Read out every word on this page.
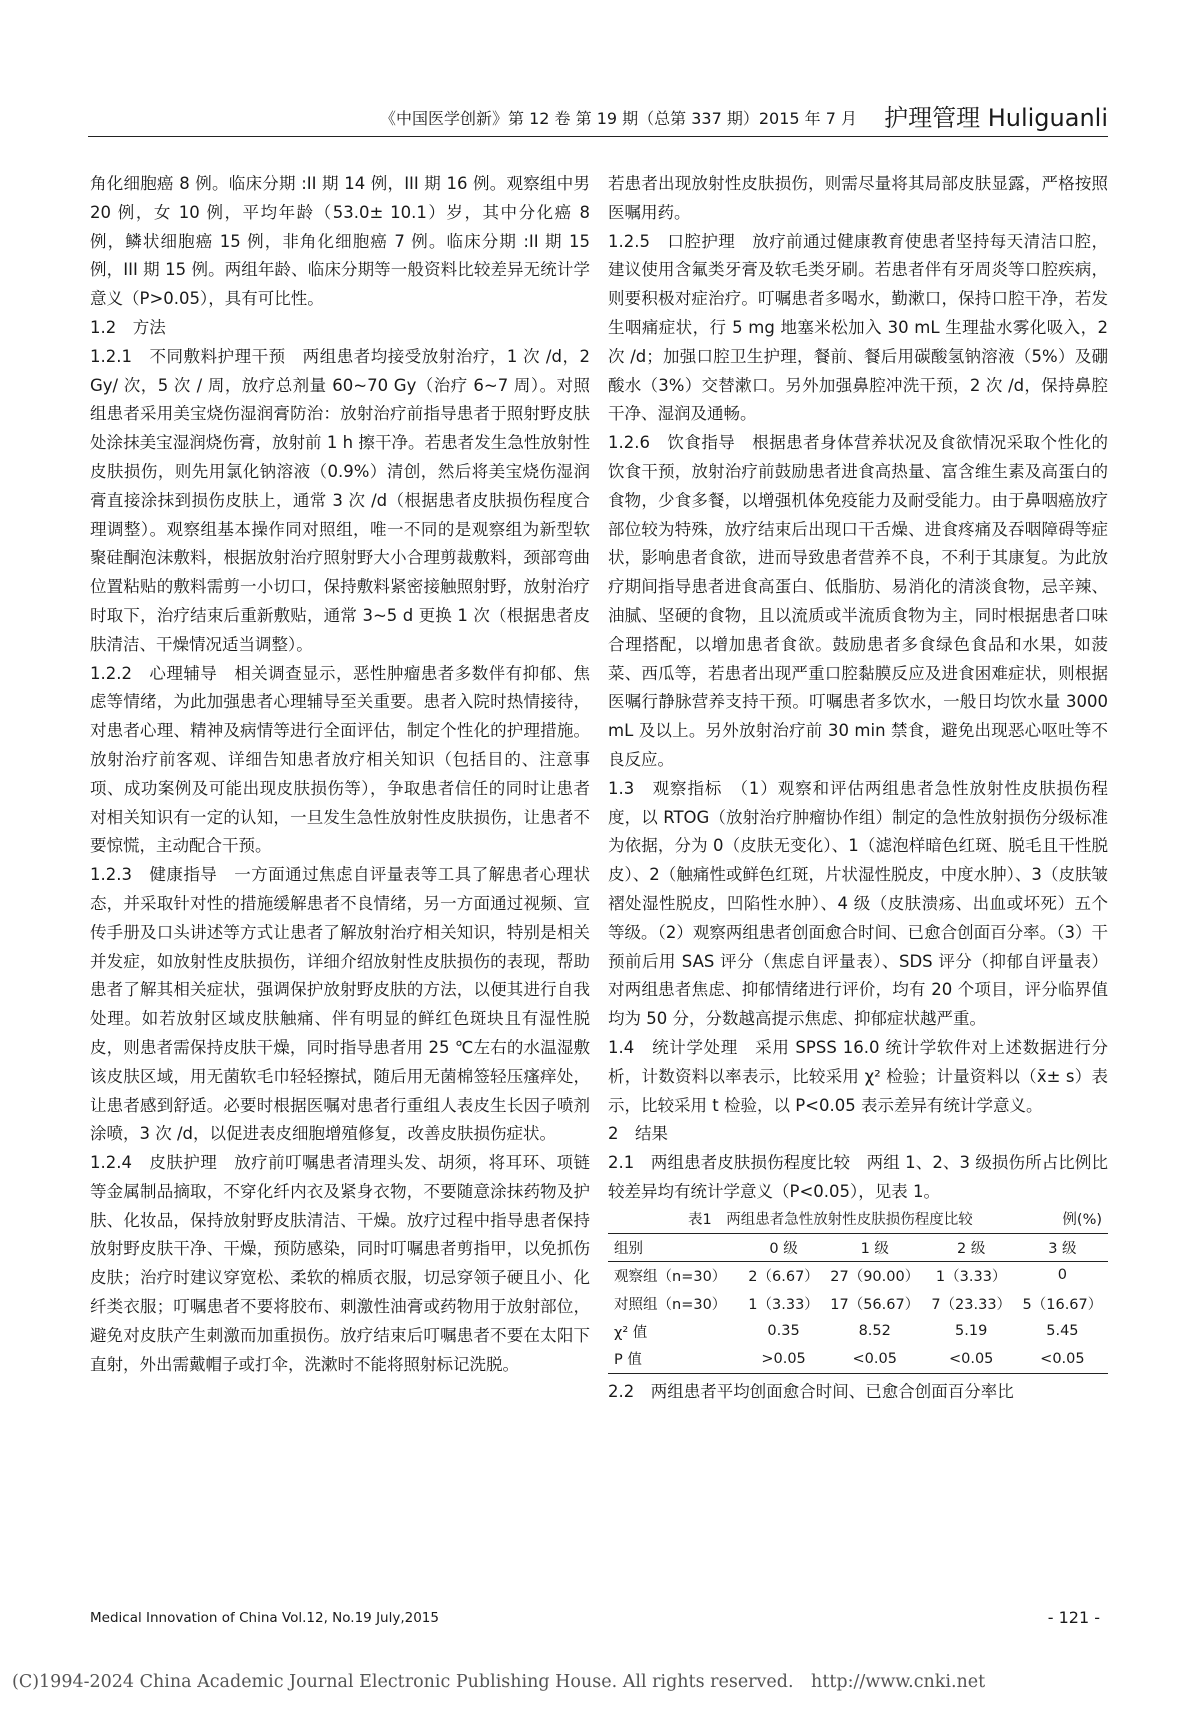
《中国医学创新》第 12 卷 第 19 期（总第 337 期）2015 年 7 月 护理管理 Huliguanli

角化细胞癌 8 例。临床分期 :II 期 14 例，III 期 16 例。观察组中男 20 例，女 10 例，平均年龄（53.0± 10.1）岁，其中分化癌 8 例，鳞状细胞癌 15 例，非角化细胞癌 7 例。临床分期 :II 期 15 例，III 期 15 例。两组年龄、临床分期等一般资料比较差异无统计学意义（P>0.05），具有可比性。

1.2　方法

1.2.1　不同敷料护理干预　两组患者均接受放射治疗，1 次 /d，2 Gy/ 次，5 次 / 周，放疗总剂量 60~70 Gy（治疗 6~7 周）。对照组患者采用美宝烧伤湿润膏防治：放射治疗前指导患者于照射野皮肤处涂抹美宝湿润烧伤膏，放射前 1 h 擦干净。若患者发生急性放射性皮肤损伤，则先用氯化钠溶液（0.9%）清创，然后将美宝烧伤湿润膏直接涂抹到损伤皮肤上，通常 3 次 /d（根据患者皮肤损伤程度合理调整）。观察组基本操作同对照组，唯一不同的是观察组为新型软聚硅酮泡沫敷料，根据放射治疗照射野大小合理剪裁敷料，颈部弯曲位置粘贴的敷料需剪一小切口，保持敷料紧密接触照射野，放射治疗时取下，治疗结束后重新敷贴，通常 3~5 d 更换 1 次（根据患者皮肤清洁、干燥情况适当调整）。

1.2.2　心理辅导　相关调查显示，恶性肿瘤患者多数伴有抑郁、焦虑等情绪，为此加强患者心理辅导至关重要。患者入院时热情接待，对患者心理、精神及病情等进行全面评估，制定个性化的护理措施。放射治疗前客观、详细告知患者放疗相关知识（包括目的、注意事项、成功案例及可能出现皮肤损伤等），争取患者信任的同时让患者对相关知识有一定的认知，一旦发生急性放射性皮肤损伤，让患者不要惊慌，主动配合干预。

1.2.3　健康指导　一方面通过焦虑自评量表等工具了解患者心理状态，并采取针对性的措施缓解患者不良情绪，另一方面通过视频、宣传手册及口头讲述等方式让患者了解放射治疗相关知识，特别是相关并发症，如放射性皮肤损伤，详细介绍放射性皮肤损伤的表现，帮助患者了解其相关症状，强调保护放射野皮肤的方法，以便其进行自我处理。如若放射区域皮肤触痛、伴有明显的鲜红色斑块且有湿性脱皮，则患者需保持皮肤干燥，同时指导患者用 25 ℃左右的水温湿敷该皮肤区域，用无菌软毛巾轻轻擦拭，随后用无菌棉签轻压瘙痒处，让患者感到舒适。必要时根据医嘱对患者行重组人表皮生长因子喷剂涂喷，3 次 /d，以促进表皮细胞增殖修复，改善皮肤损伤症状。

1.2.4　皮肤护理　放疗前叮嘱患者清理头发、胡须，将耳环、项链等金属制品摘取，不穿化纤内衣及紧身衣物，不要随意涂抹药物及护肤、化妆品，保持放射野皮肤清洁、干燥。放疗过程中指导患者保持放射野皮肤干净、干燥，预防感染，同时叮嘱患者剪指甲，以免抓伤皮肤；治疗时建议穿宽松、柔软的棉质衣服，切忌穿领子硬且小、化纤类衣服；叮嘱患者不要将胶布、刺激性油膏或药物用于放射部位，避免对皮肤产生刺激而加重损伤。放疗结束后叮嘱患者不要在太阳下直射，外出需戴帽子或打伞，洗漱时不能将照射标记洗脱。

若患者出现放射性皮肤损伤，则需尽量将其局部皮肤显露，严格按照医嘱用药。

1.2.5　口腔护理　放疗前通过健康教育使患者坚持每天清洁口腔，建议使用含氟类牙膏及软毛类牙刷。若患者伴有牙周炎等口腔疾病，则要积极对症治疗。叮嘱患者多喝水，勤漱口，保持口腔干净，若发生咽痛症状，行 5 mg 地塞米松加入 30 mL 生理盐水雾化吸入，2 次 /d；加强口腔卫生护理，餐前、餐后用碳酸氢钠溶液（5%）及硼酸水（3%）交替漱口。另外加强鼻腔冲洗干预，2 次 /d，保持鼻腔干净、湿润及通畅。

1.2.6　饮食指导　根据患者身体营养状况及食欲情况采取个性化的饮食干预，放射治疗前鼓励患者进食高热量、富含维生素及高蛋白的食物，少食多餐，以增强机体免疫能力及耐受能力。由于鼻咽癌放疗部位较为特殊，放疗结束后出现口干舌燥、进食疼痛及吞咽障碍等症状，影响患者食欲，进而导致患者营养不良，不利于其康复。为此放疗期间指导患者进食高蛋白、低脂肪、易消化的清淡食物，忌辛辣、油腻、坚硬的食物，且以流质或半流质食物为主，同时根据患者口味合理搭配，以增加患者食欲。鼓励患者多食绿色食品和水果，如菠菜、西瓜等，若患者出现严重口腔黏膜反应及进食困难症状，则根据医嘱行静脉营养支持干预。叮嘱患者多饮水，一般日均饮水量 3000 mL 及以上。另外放射治疗前 30 min 禁食，避免出现恶心呕吐等不良反应。

1.3　观察指标　（1）观察和评估两组患者急性放射性皮肤损伤程度，以 RTOG（放射治疗肿瘤协作组）制定的急性放射损伤分级标准为依据，分为 0（皮肤无变化）、1（滤泡样暗色红斑、脱毛且干性脱皮）、2（触痛性或鲜色红斑，片状湿性脱皮，中度水肿）、3（皮肤皱褶处湿性脱皮，凹陷性水肿）、4 级（皮肤溃疡、出血或坏死）五个等级。（2）观察两组患者创面愈合时间、已愈合创面百分率。（3）干预前后用 SAS 评分（焦虑自评量表）、SDS 评分（抑郁自评量表）对两组患者焦虑、抑郁情绪进行评价，均有 20 个项目，评分临界值均为 50 分，分数越高提示焦虑、抑郁症状越严重。

1.4　统计学处理　采用 SPSS 16.0 统计学软件对上述数据进行分析，计数资料以率表示，比较采用 χ² 检验；计量资料以（x̄± s）表示，比较采用 t 检验，以 P<0.05 表示差异有统计学意义。

2　结果

2.1　两组患者皮肤损伤程度比较　两组 1、2、3 级损伤所占比例比较差异均有统计学意义（P<0.05），见表 1。

表1　两组患者急性放射性皮肤损伤程度比较	例(%)
组别	0 级	1 级	2 级	3 级
观察组（n=30）	2（6.67）	27（90.00）	1（3.33）	0
对照组（n=30）	1（3.33）	17（56.67）	7（23.33）	5（16.67）
χ² 值	0.35	8.52	5.19	5.45
P 值	>0.05	<0.05	<0.05	<0.05

2.2　两组患者平均创面愈合时间、已愈合创面百分率比

Medical Innovation of China Vol.12, No.19 July,2015	- 121 -
(C)1994-2024 China Academic Journal Electronic Publishing House. All rights reserved.　http://www.cnki.net
